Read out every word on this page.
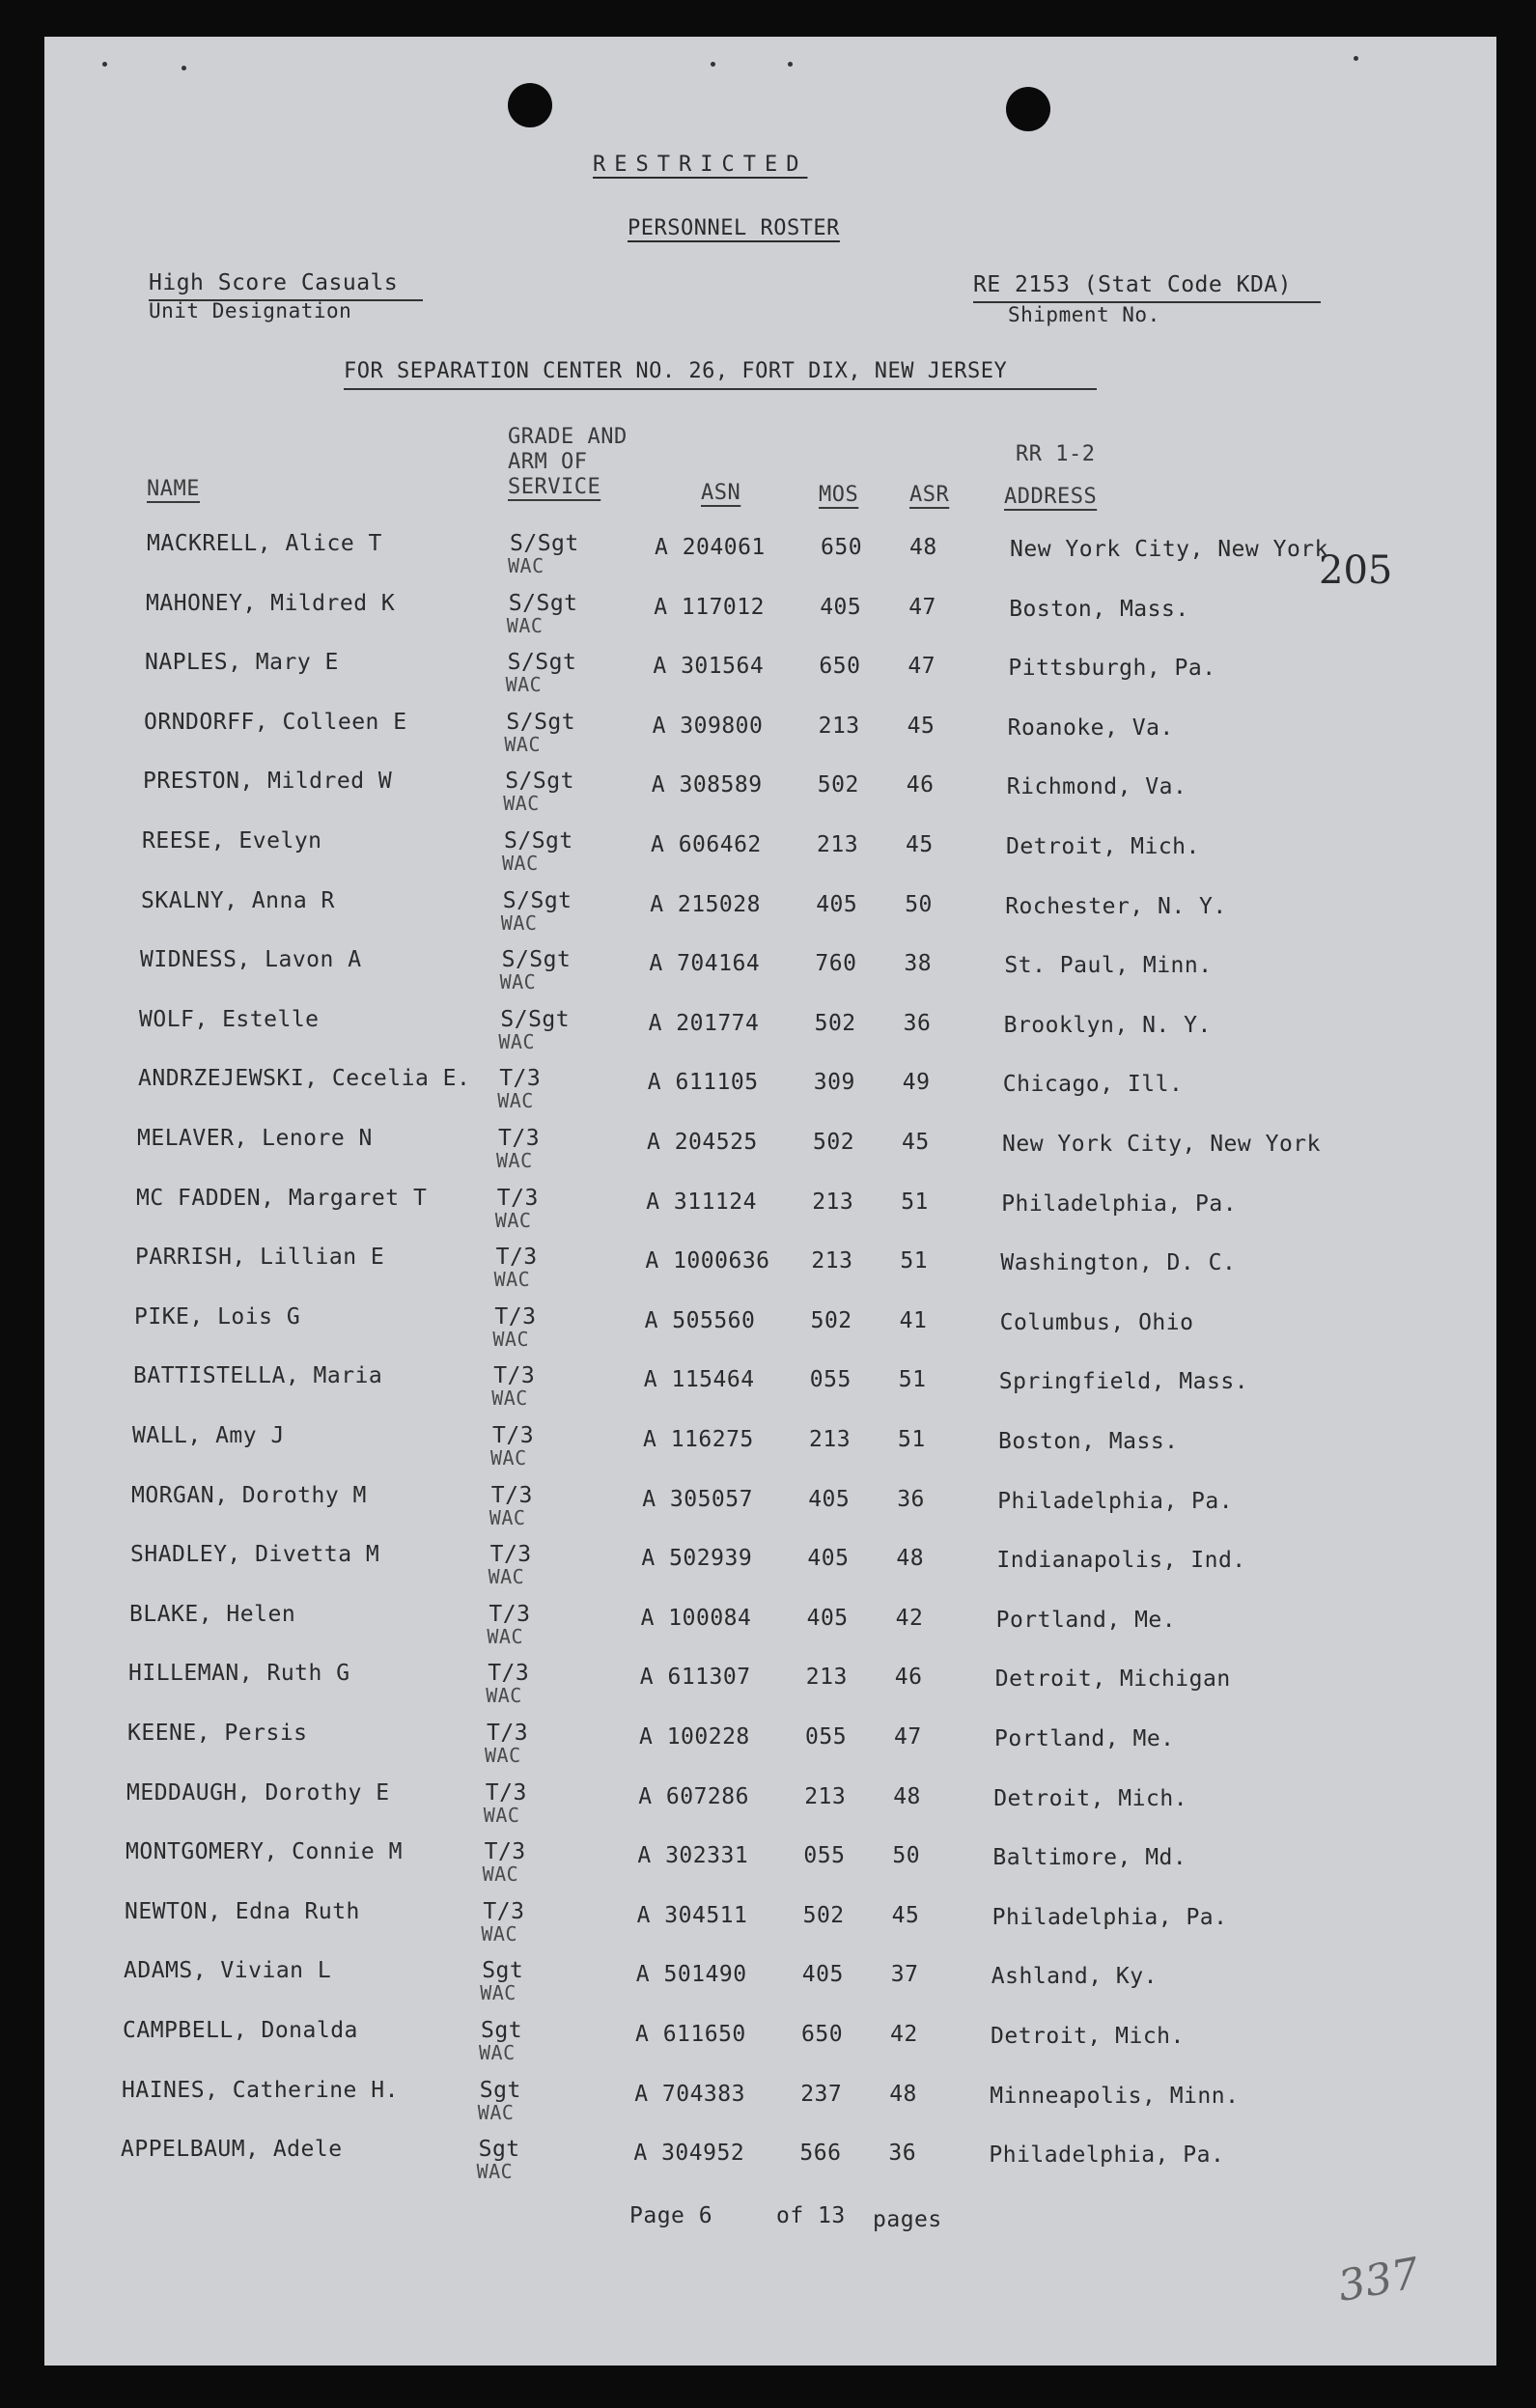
RESTRICTED
PERSONNEL ROSTER
High Score Casuals
Unit Designation
RE 2153 (Stat Code KDA)
Shipment No.
FOR SEPARATION CENTER NO. 26, FORT DIX, NEW JERSEY
GRADE AND
ARM OF
SERVICE
NAME	ASN	MOS ASR
RR 1-2
ADDRESS
MACKRELL, Alice T	S/Sgt
WAC
A 204061 650 48	New York City, New York
MAHONEY, Mildred K	S/Sgt
WAC
A 117012 405 47	Boston, Mass.
NAPLES, Mary E	S/Sgt
WAC
A 301564 650 47	Pittsburgh, Pa.
ORNDORFF, Colleen E	S/Sgt
WAC
A 309800 213 45	Roanoke, Va.
PRESTON, Mildred W	S/Sgt
WAC
A 308589 502 46	Richmond, Va.
REESE, Evelyn	S/Sgt
WAC
A 606462 213 45	Detroit, Mich.
SKALNY, Anna R	S/Sgt
WAC
A 215028 405 50	Rochester, N. Y.
WIDNESS, Lavon A	S/Sgt
WAC
A 704164 760 38	St. Paul, Minn.
WOLF, Estelle	S/Sgt
WAC
A 201774 502 36	Brooklyn, N. Y.
ANDRZEJEWSKI, Cecelia E. T/3
WAC
A 611105 309 49	Chicago, Ill.
MELAVER, Lenore N	T/3
WAC
A 204525 502 45	New York City, New York
MC FADDEN, Margaret T	T/3
WAC
A 311124 213 51	Philadelphia, Pa.
PARRISH, Lillian E	T/3
WAC
A 1000636 213 51	Washington, D. C.
PIKE, Lois G	T/3
WAC
A 505560 502 41	Columbus, Ohio
BATTISTELLA, Maria	T/3
WAC
A 115464 055 51	Springfield, Mass.
WALL, Amy J	T/3
WAC
A 116275 213 51	Boston, Mass.
MORGAN, Dorothy M	T/3
WAC
A 305057 405 36	Philadelphia, Pa.
SHADLEY, Divetta M	T/3
WAC
A 502939 405 48	Indianapolis, Ind.
BLAKE, Helen	T/3
WAC
A 100084 405 42	Portland, Me.
HILLEMAN, Ruth G	T/3
WAC
A 611307 213 46	Detroit, Michigan
KEENE, Persis	T/3
WAC
A 100228 055 47	Portland, Me.
MEDDAUGH, Dorothy E	T/3
WAC
A 607286 213 48	Detroit, Mich.
MONTGOMERY, Connie M	T/3
WAC
A 302331 055 50	Baltimore, Md.
NEWTON, Edna Ruth	T/3
WAC
A 304511 502 45	Philadelphia, Pa.
ADAMS, Vivian L	Sgt
WAC
A 501490 405 37	Ashland, Ky.
CAMPBELL, Donalda	Sgt
WAC
A 611650 650 42	Detroit, Mich.
HAINES, Catherine H.	Sgt
WAC
A 704383 237 48	Minneapolis, Minn.
APPELBAUM, Adele	Sgt
WAC
A 304952 566 36	Philadelphia, Pa.
205
Page 6	of 13 pages
337
